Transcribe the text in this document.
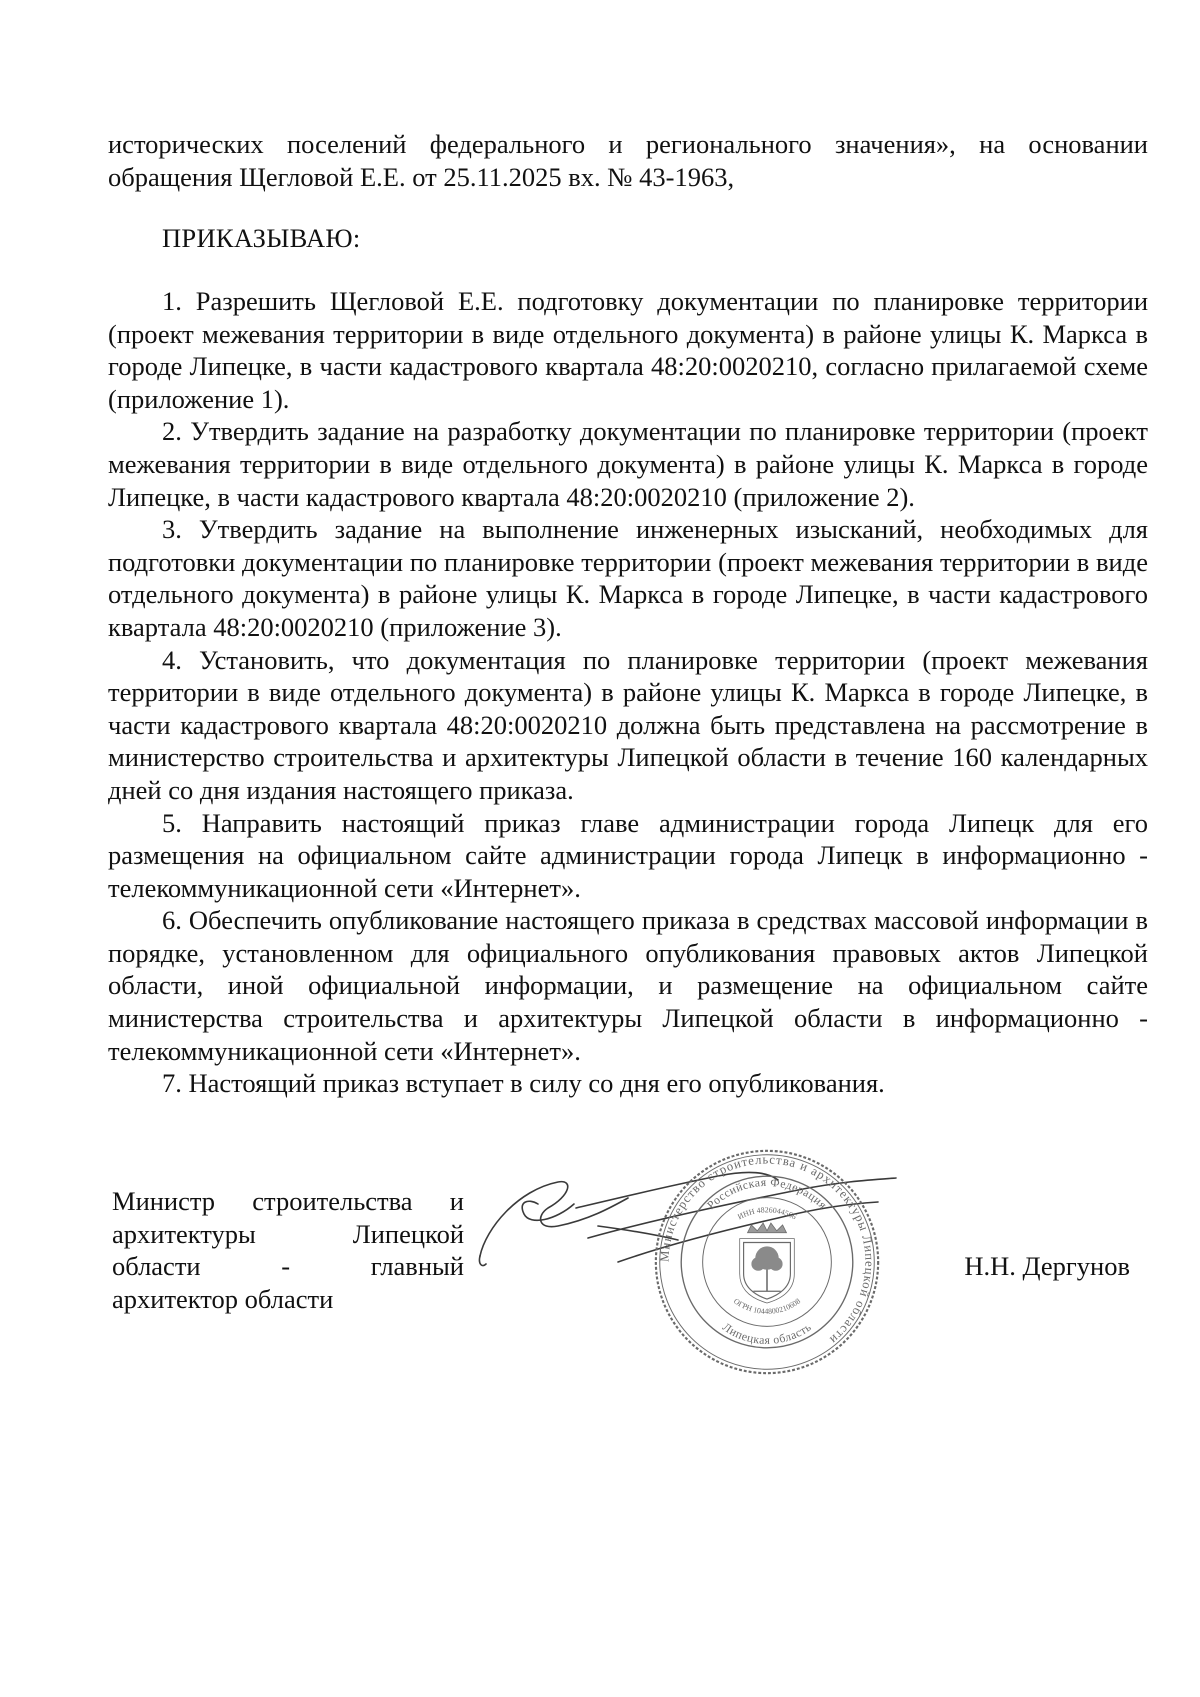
исторических поселений федерального и регионального значения», на основании обращения Щегловой Е.Е. от 25.11.2025 вх. № 43-1963,

ПРИКАЗЫВАЮ:

1. Разрешить Щегловой Е.Е. подготовку документации по планировке территории (проект межевания территории в виде отдельного документа) в районе улицы К. Маркса в городе Липецке, в части кадастрового квартала 48:20:0020210, согласно прилагаемой схеме (приложение 1).

2. Утвердить задание на разработку документации по планировке территории (проект межевания территории в виде отдельного документа) в районе улицы К. Маркса в городе Липецке, в части кадастрового квартала 48:20:0020210 (приложение 2).

3. Утвердить задание на выполнение инженерных изысканий, необходимых для подготовки документации по планировке территории (проект межевания территории в виде отдельного документа) в районе улицы К. Маркса в городе Липецке, в части кадастрового квартала 48:20:0020210 (приложение 3).

4. Установить, что документация по планировке территории (проект межевания территории в виде отдельного документа) в районе улицы К. Маркса в городе Липецке, в части кадастрового квартала 48:20:0020210 должна быть представлена на рассмотрение в министерство строительства и архитектуры Липецкой области в течение 160 календарных дней со дня издания настоящего приказа.

5. Направить настоящий приказ главе администрации города Липецк для его размещения на официальном сайте администрации города Липецк в информационно - телекоммуникационной сети «Интернет».

6. Обеспечить опубликование настоящего приказа в средствах массовой информации в порядке, установленном для официального опубликования правовых актов Липецкой области, иной официальной информации, и размещение на официальном сайте министерства строительства и архитектуры Липецкой области в информационно - телекоммуникационной сети «Интернет».

7. Настоящий приказ вступает в силу со дня его опубликования.

Министр строительства и
архитектуры Липецкой
области - главный
архитектор области
Министерство строительства и архитектуры Липецкой области
Российская Федерация
Липецкая область
ИНН 4826044566
ОГРН 1044800210608
Н.Н. Дергунов
